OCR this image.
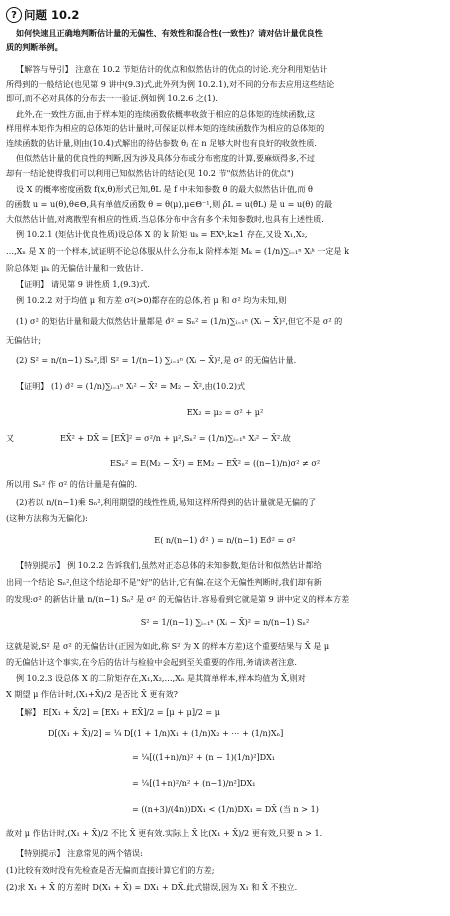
? 问题 10.2
如何快速且正确地判断估计量的无偏性、有效性和混合性(一致性)？请对估计量优良性
质的判断举例。
【解答与导引】 注意在 10.2 节矩估计的优点和似然估计的优点的讨论.充分利用矩估计
所得到的一般结论(也见第 9 讲中(9.3)式,此外列为例 10.2.1),对不同的分布去应用这些结论
即可,而不必对具体的分布去一一验证.例如例 10.2.6 之(1).
此外,在一致性方面,由于样本矩的连续函数依概率收敛于相应的总体矩的连续函数,这
样用样本矩作为相应的总体矩的估计量时,可保证以样本矩的连续函数作为相应的总体矩的
连续函数的估计量,则由(10.4)式解出的待估参数 θⱼ 在 n 足够大时也有良好的收敛性质.
但似然估计量的优良性的判断,因为涉及具体分布或分布密度的计算,要麻烦得多,不过
却有一结论使得我们可以利用已知似然估计的结论(见 10.2 节"似然估计的优点")
设 X 的概率密度函数 f(x,θ)形式已知,θ̂L 是 f 中未知参数 θ 的最大似然估计值,而 θ
的函数 u = u(θ),θ∈Θ,具有单值反函数 θ = θ(μ),μ∈Θ⁻¹,则 ρ̂L = u(θ̂L) 是 u = u(θ) 的最
大似然估计值,对离散型有相应的性质.当总体分布中含有多个未知参数时,也具有上述性质.
例 10.2.1 (矩估计优良性质)设总体 X 的 k 阶矩 uₖ = EXᵏ,k≥1 存在,又设 X₁,X₂,
…,Xₙ 是 X 的一个样本,试证明不论总体服从什么分布,k 阶样本矩 Mₖ = (1/n)∑ᵢ₌₁ⁿ Xᵢᵏ 一定是 k
阶总体矩 μₖ 的无偏估计量和一致估计.
【证明】 请见第 9 讲性质 1,(9.3)式.
例 10.2.2 对于均值 μ 和方差 σ²(>0)都存在的总体,若 μ 和 σ² 均为未知,则
(1) σ² 的矩估计量和最大似然估计量都是 σ̂² = Sₙ² = (1/n)∑ᵢ₌₁ⁿ (Xᵢ − X̄)²,但它不是 σ² 的
无偏估计;
(2) S² = n/(n−1) Sₙ²,即 S² = 1/(n−1) ∑ᵢ₌₁ⁿ (Xᵢ − X̄)²,是 σ² 的无偏估计量.
【证明】 (1) σ̂² = (1/n)∑ᵢ₌₁ⁿ Xᵢ² − X̄² = M₂ − X̄²,由(10.2)式
EX₂ = μ₂ = σ² + μ²
又	EX̄² + DX̄ = [EX̄]² = σ²/n + μ²,Sₙ² = (1/n)∑ᵢ₌₁ⁿ Xᵢ² − X̄².故
ESₙ² = E(M₂ − X̄²) = EM₂ − EX̄² = ((n−1)/n)σ² ≠ σ²
所以用 Sₙ² 作 σ² 的估计量是有偏的.
(2)若以 n/(n−1)乘 Sₙ²,利用期望的线性性质,易知这样所得到的估计量就是无偏的了
(这种方法称为无偏化):
E( n/(n−1) σ̂² ) = n/(n−1) Eσ̂² = σ²
【特别提示】 例 10.2.2 告诉我们,虽然对正态总体的未知参数,矩估计和似然估计都给
出同一个结论 Sₙ²,但这个结论却不是"好"的估计,它有偏.在这个无偏性判断时,我们却有新
的发现:σ² 的新估计量 n/(n−1) Sₙ² 是 σ² 的无偏估计.容易看到它就是第 9 讲中定义的样本方差
S² = 1/(n−1) ∑ᵢ₌₁ⁿ (Xᵢ − X̄)² = n/(n−1) Sₙ²
这就是说,S² 是 σ² 的无偏估计(正因为如此,称 S² 为 X 的样本方差)这个重要结果与 X̄ 是 μ
的无偏估计这个事实,在今后的估计与检验中会起到至关重要的作用,务请读者注意.
例 10.2.3 设总体 X 的二阶矩存在,X₁,X₂,…,Xₙ 是其简单样本,样本均值为 X̄,则对
X 期望 μ 作估计时,(X₁+X̄)/2 是否比 X̄ 更有效?
【解】 E[X₁ + X̄/2] = [EX₁ + EX̄]/2 = [μ + μ]/2 = μ
D[(X₁ + X̄)/2] = ¼ D[(1 + 1/n)X₁ + (1/n)X₂ + ⋯ + (1/n)Xₙ]
= ¼[((1+n)/n)² + (n − 1)(1/n)²]DX₁
= ¼[(1+n)²/n² + (n−1)/n²]DX₁
= ((n+3)/(4n))DX₁ < (1/n)DX₁ = DX̄ (当 n > 1)
故对 μ 作估计时,(X₁ + X̄)/2 不比 X̄ 更有效.实际上 X̄ 比(X₁ + X̄)/2 更有效,只要 n > 1.
【特别提示】 注意常见的两个错误:
(1)比较有效时没有先检查是否无偏而直接计算它们的方差;
(2)求 X₁ + X̄ 的方差时 D(X₁ + X̄) = DX₁ + DX̄.此式错误,因为 X₁ 和 X̄ 不独立.
